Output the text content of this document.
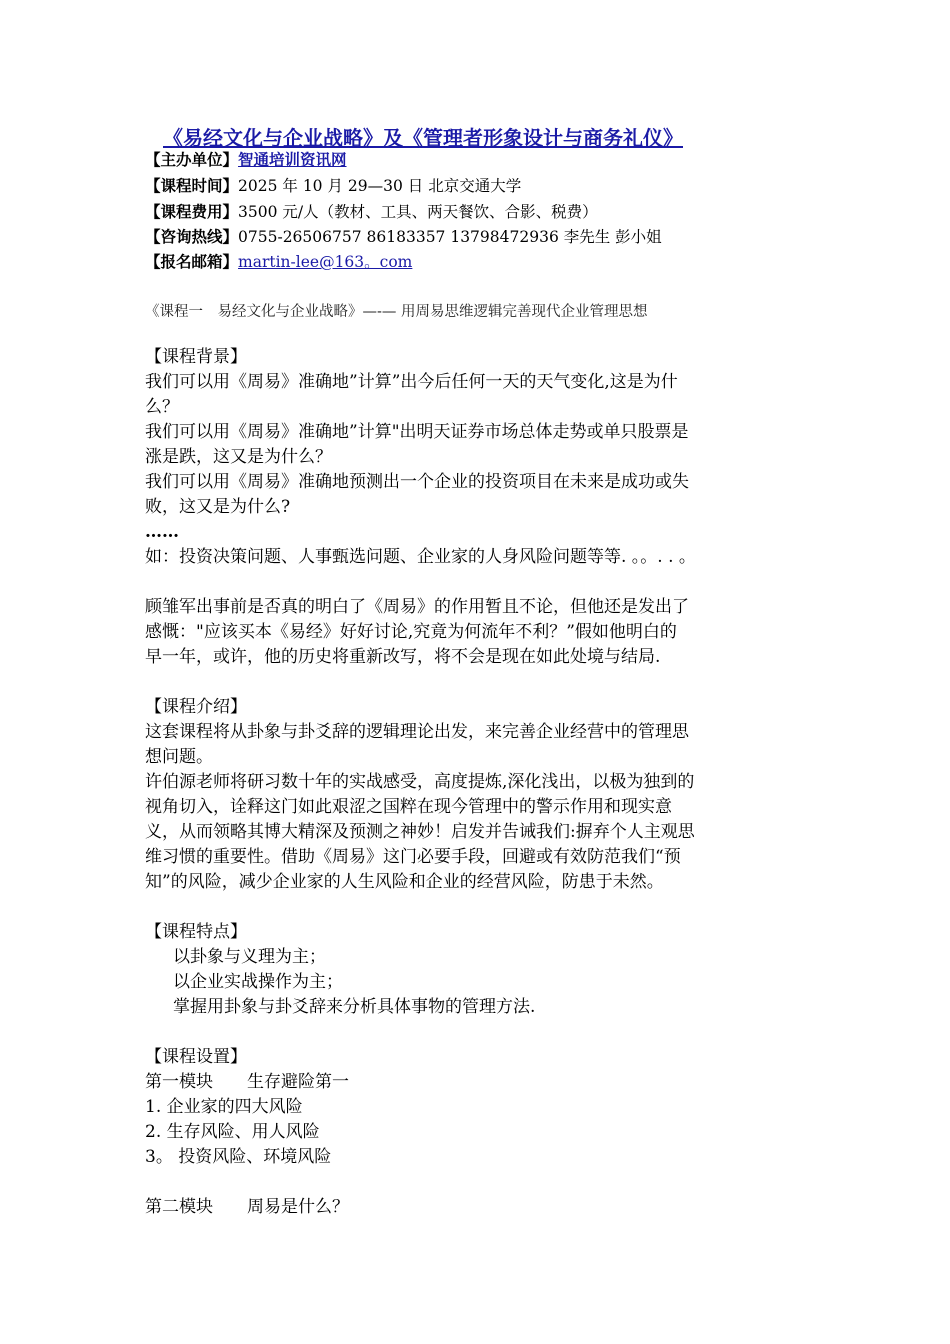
《易经文化与企业战略》及《管理者形象设计与商务礼仪》
【主办单位】智通培训资讯网
【课程时间】2025 年 10 月 29—30 日 北京交通大学
【课程费用】3500 元/人（教材、工具、两天餐饮、合影、税费）
【咨询热线】0755-26506757 86183357 13798472936 李先生 彭小姐
【报名邮箱】martin-lee@163。com
《课程一　易经文化与企业战略》—-— 用周易思维逻辑完善现代企业管理思想
【课程背景】
我们可以用《周易》准确地”计算”出今后任何一天的天气变化,这是为什
么？
我们可以用《周易》准确地”计算"出明天证券市场总体走势或单只股票是
涨是跌，这又是为什么？
我们可以用《周易》准确地预测出一个企业的投资项目在未来是成功或失
败，这又是为什么?
……
如：投资决策问题、人事甄选问题、企业家的人身风险问题等等. 。。. . 。
顾雏军出事前是否真的明白了《周易》的作用暂且不论，但他还是发出了
感慨："应该买本《易经》好好讨论,究竟为何流年不利？”假如他明白的
早一年，或许，他的历史将重新改写，将不会是现在如此处境与结局.
【课程介绍】
这套课程将从卦象与卦爻辞的逻辑理论出发，来完善企业经营中的管理思
想问题。
许伯源老师将研习数十年的实战感受，高度提炼,深化浅出，以极为独到的
视角切入，诠释这门如此艰涩之国粹在现今管理中的警示作用和现实意
义，从而领略其博大精深及预测之神妙！启发并告诫我们:摒弃个人主观思
维习惯的重要性。借助《周易》这门必要手段，回避或有效防范我们“预
知”的风险，减少企业家的人生风险和企业的经营风险，防患于未然。
【课程特点】
以卦象与义理为主；
以企业实战操作为主；
掌握用卦象与卦爻辞来分析具体事物的管理方法.
【课程设置】
第一模块　　生存避险第一
1. 企业家的四大风险
2. 生存风险、用人风险
3。 投资风险、环境风险
第二模块　　周易是什么？
